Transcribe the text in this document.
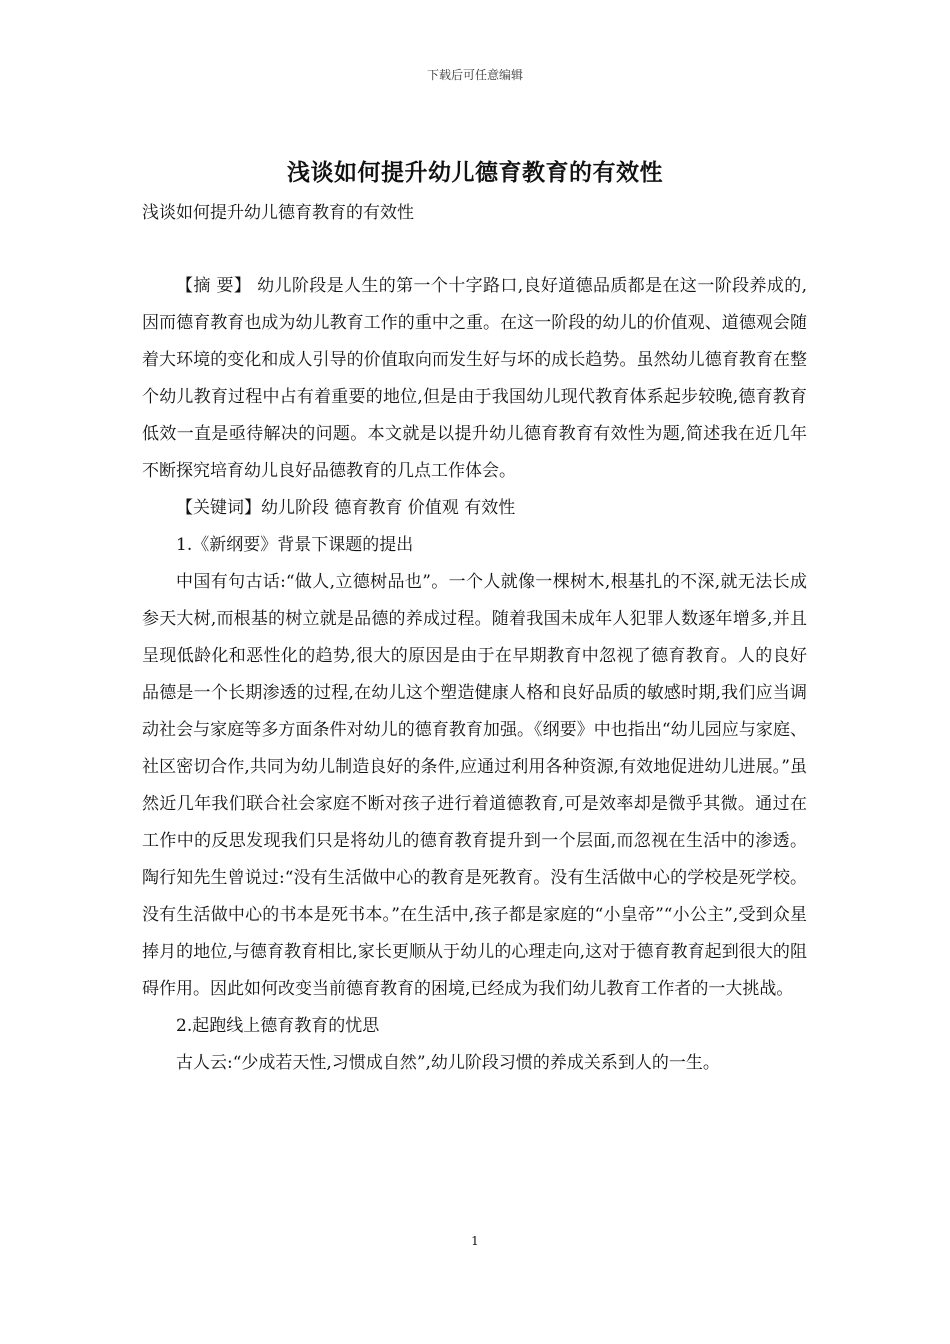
下载后可任意编辑
浅谈如何提升幼儿德育教育的有效性
浅谈如何提升幼儿德育教育的有效性

【摘 要】 幼儿阶段是人生的第一个十字路口,良好道德品质都是在这一阶段养成的,因而德育教育也成为幼儿教育工作的重中之重。在这一阶段的幼儿的价值观、道德观会随着大环境的变化和成人引导的价值取向而发生好与坏的成长趋势。虽然幼儿德育教育在整个幼儿教育过程中占有着重要的地位,但是由于我国幼儿现代教育体系起步较晚,德育教育低效一直是亟待解决的问题。本文就是以提升幼儿德育教育有效性为题,简述我在近几年不断探究培育幼儿良好品德教育的几点工作体会。

【关键词】幼儿阶段 德育教育 价值观 有效性

1.《新纲要》背景下课题的提出

中国有句古话:“做人,立德树品也”。一个人就像一棵树木,根基扎的不深,就无法长成参天大树,而根基的树立就是品德的养成过程。随着我国未成年人犯罪人数逐年增多,并且呈现低龄化和恶性化的趋势,很大的原因是由于在早期教育中忽视了德育教育。人的良好品德是一个长期渗透的过程,在幼儿这个塑造健康人格和良好品质的敏感时期,我们应当调动社会与家庭等多方面条件对幼儿的德育教育加强。《纲要》中也指出“幼儿园应与家庭、社区密切合作,共同为幼儿制造良好的条件,应通过利用各种资源,有效地促进幼儿进展。”虽然近几年我们联合社会家庭不断对孩子进行着道德教育,可是效率却是微乎其微。通过在工作中的反思发现我们只是将幼儿的德育教育提升到一个层面,而忽视在生活中的渗透。陶行知先生曾说过:“没有生活做中心的教育是死教育。没有生活做中心的学校是死学校。没有生活做中心的书本是死书本。”在生活中,孩子都是家庭的“小皇帝”“小公主”,受到众星捧月的地位,与德育教育相比,家长更顺从于幼儿的心理走向,这对于德育教育起到很大的阻碍作用。因此如何改变当前德育教育的困境,已经成为我们幼儿教育工作者的一大挑战。

2.起跑线上德育教育的忧思

古人云:“少成若天性,习惯成自然”,幼儿阶段习惯的养成关系到人的一生。

1
